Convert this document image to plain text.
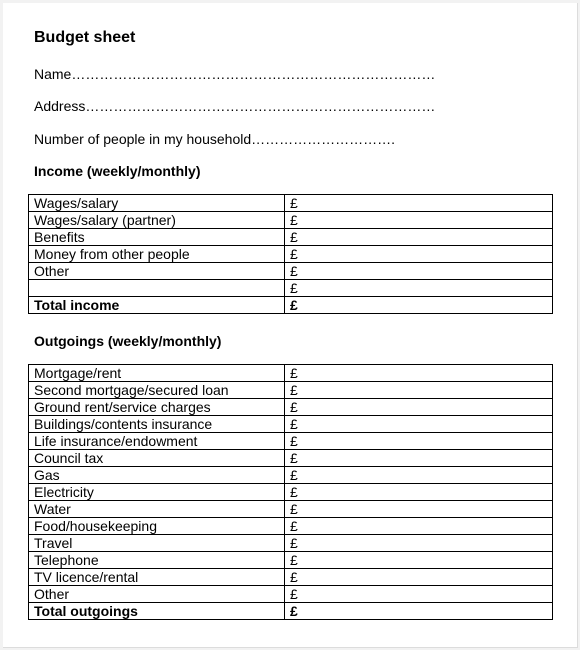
Budget sheet
Name……………………………………………………………………
Address…………………………………………………………………
Number of people in my household………………………….
Income (weekly/monthly)
Wages/salary	£
Wages/salary (partner)	£
Benefits	£
Money from other people	£
Other	£
	£
Total income	£
Outgoings (weekly/monthly)
Mortgage/rent	£
Second mortgage/secured loan	£
Ground rent/service charges	£
Buildings/contents insurance	£
Life insurance/endowment	£
Council tax	£
Gas	£
Electricity	£
Water	£
Food/housekeeping	£
Travel	£
Telephone	£
TV licence/rental	£
Other	£
Total outgoings	£
